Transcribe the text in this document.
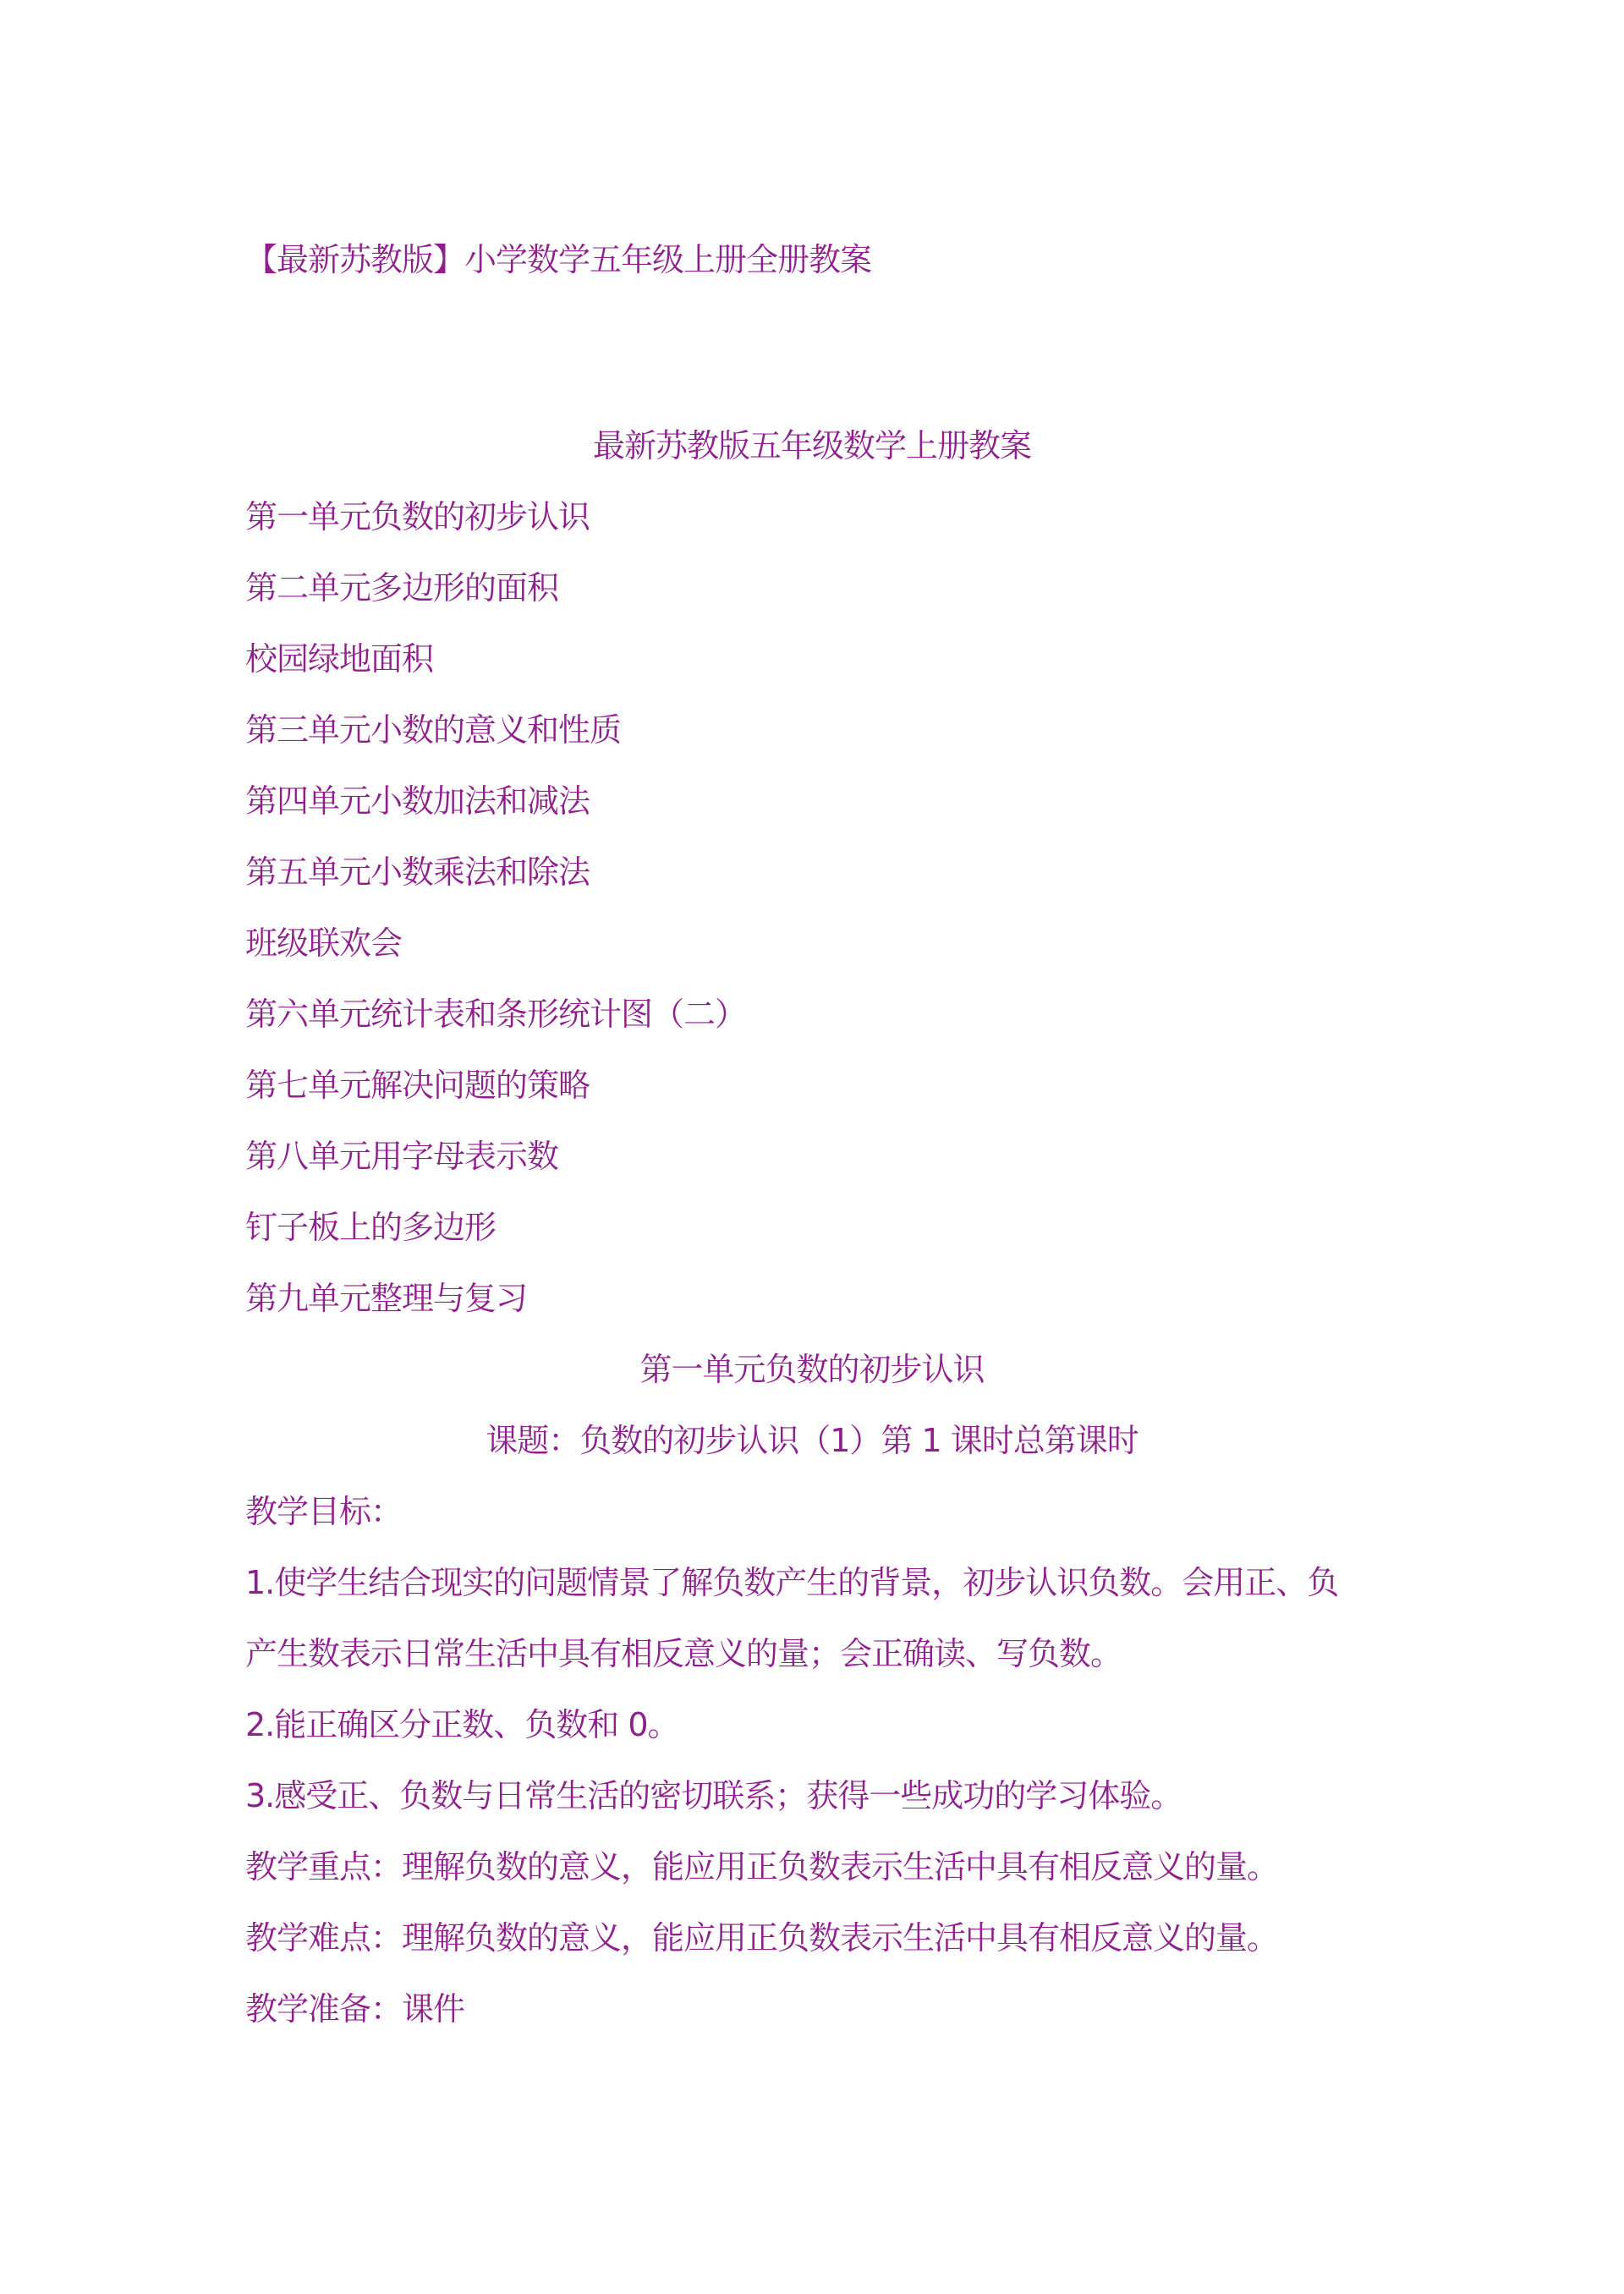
【最新苏教版】小学数学五年级上册全册教案
最新苏教版五年级数学上册教案
第一单元负数的初步认识
第二单元多边形的面积
校园绿地面积
第三单元小数的意义和性质
第四单元小数加法和减法
第五单元小数乘法和除法
班级联欢会
第六单元统计表和条形统计图（二）
第七单元解决问题的策略
第八单元用字母表示数
钉子板上的多边形
第九单元整理与复习
第一单元负数的初步认识
课题：负数的初步认识（1）第 1 课时总第课时
教学目标：
1.使学生结合现实的问题情景了解负数产生的背景，初步认识负数。会用正、负
产生数表示日常生活中具有相反意义的量；会正确读、写负数。
2.能正确区分正数、负数和 0。
3.感受正、负数与日常生活的密切联系；获得一些成功的学习体验。
教学重点：理解负数的意义，能应用正负数表示生活中具有相反意义的量。
教学难点：理解负数的意义，能应用正负数表示生活中具有相反意义的量。
教学准备：课件
